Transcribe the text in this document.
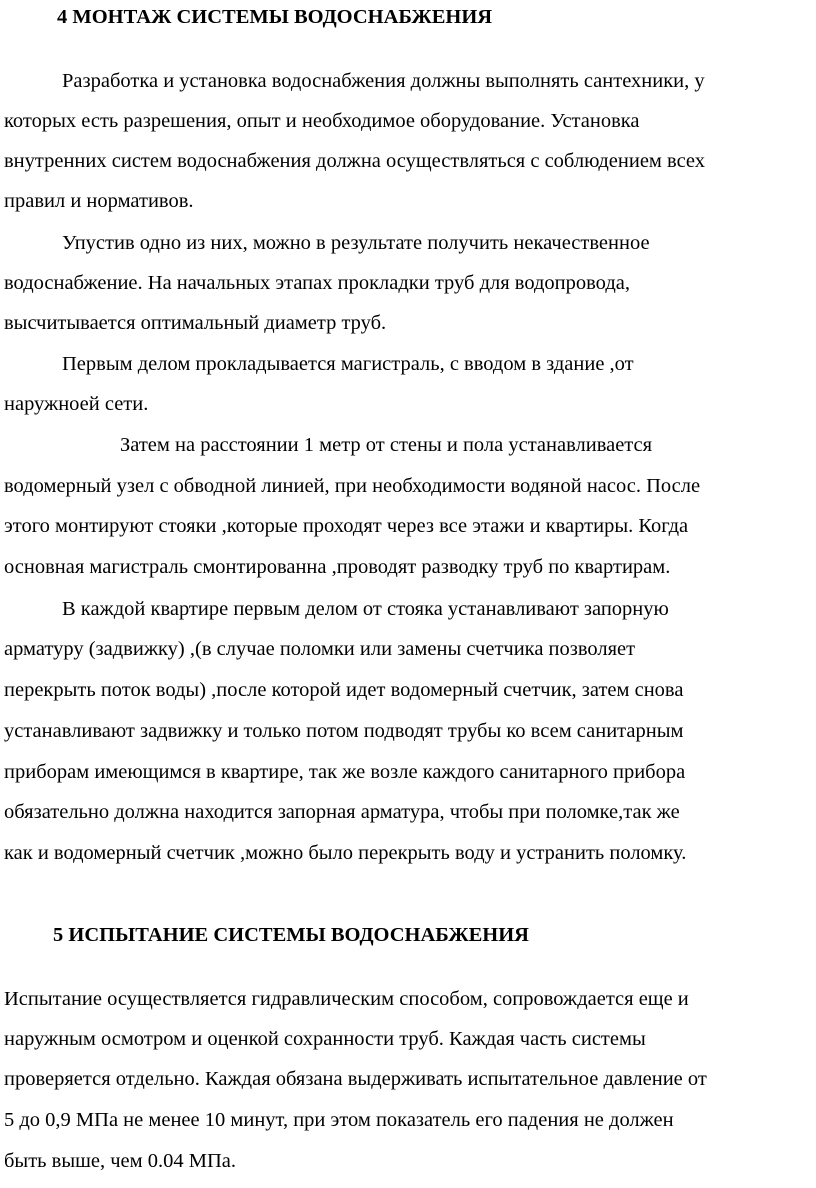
4 МОНТАЖ СИСТЕМЫ ВОДОСНАБЖЕНИЯ

Разработка и установка водоснабжения должны выполнять сантехники, у

которых есть разрешения, опыт и необходимое оборудование. Установка

внутренних систем водоснабжения должна осуществляться с соблюдением всех

правил и нормативов.

Упустив одно из них, можно в результате получить некачественное

водоснабжение. На начальных этапах прокладки труб для водопровода,

высчитывается оптимальный диаметр труб.

Первым делом прокладывается магистраль, с вводом в здание ,от

наружноей сети.

Затем на расстоянии 1 метр от стены и пола устанавливается

водомерный узел с обводной линией, при необходимости водяной насос. После

этого монтируют стояки ,которые проходят через все этажи и квартиры. Когда

основная магистраль смонтированна ,проводят разводку труб по квартирам.

В каждой квартире первым делом от стояка устанавливают запорную

арматуру (задвижку) ,(в случае поломки или замены счетчика позволяет

перекрыть поток воды) ,после которой идет водомерный счетчик, затем снова

устанавливают задвижку и только потом подводят трубы ко всем санитарным

приборам имеющимся в квартире, так же возле каждого санитарного прибора

обязательно должна находится запорная арматура, чтобы при поломке,так же

как и водомерный счетчик ,можно было перекрыть воду и устранить поломку.

5 ИСПЫТАНИЕ СИСТЕМЫ ВОДОСНАБЖЕНИЯ

Испытание осуществляется гидравлическим способом, сопровождается еще и

наружным осмотром и оценкой сохранности труб. Каждая часть системы

проверяется отдельно. Каждая обязана выдерживать испытательное давление от

5 до 0,9 МПа не менее 10 минут, при этом показатель его падения не должен

быть выше, чем 0.04 МПа.
